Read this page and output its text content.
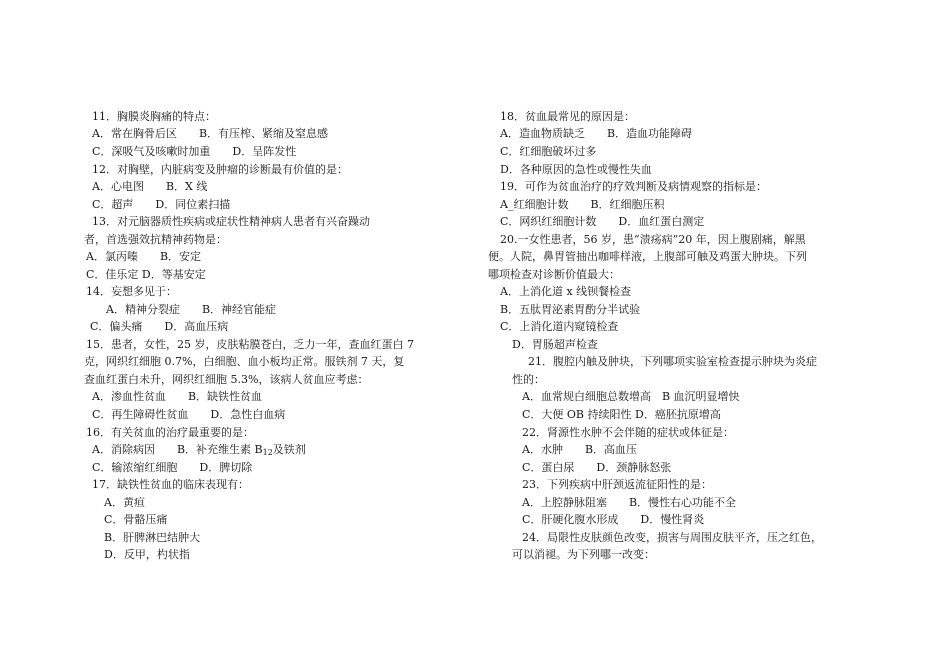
11．胸膜炎胸痛的特点：
A．常在胸骨后区　　B．有压榨、紧缩及窒息感
C．深吸气及咳嗽时加重　　D．呈阵发性
12．对胸壁，内脏病变及肿瘤的诊断最有价值的是：
A．心电图　　B．X 线
C．超声　　D．同位素扫描
13．对元脑器质性疾病或症状性精神病人患者有兴奋躁动
者，首选强效抗精神药物是：
A．氯丙嗪　　B．安定
C．佳乐定 D．等基安定
14．妄想多见于：
A．精神分裂症　　B．神经官能症
C．偏头痛　　D．高血压病
15．患者，女性，25 岁，皮肤粘膜苍白，乏力一年，查血红蛋白 7
克，网织红细胞 0.7%，白细胞、血小板均正常。服铁剂 7 天，复
查血红蛋白未升，网织红细胞 5.3%，该病人贫血应考虑：
A．渗血性贫血　　B．缺铁性贫血
C．再生障碍性贫血　　D．急性白血病
16．有关贫血的治疗最重要的是：
A．消除病因　　B．补充维生素 $B_{12}$及铁剂
C．输浓缩红细胞　　D．脾切除
17．缺铁性贫血的临床表现有：
A．黄疸
C．骨骼压痛
B．肝脾淋巴结肿大
D．反甲，杓状指
18．贫血最常见的原因是：
A．造血物质缺乏　　B．造血功能障碍
C．红细胞破坏过多
D．各种原因的急性或慢性失血
19．可作为贫血治疗的疗效判断及病情观察的指标是：
A_红细胞计数　　B．红细胞压积
C．网织红细胞计数　　D．血红蛋白测定
20.一女性患者，56 岁，患“溃疡病”20 年，因上腹剧痛，解黑
便。人院，鼻胃管抽出咖啡样液，上腹部可触及鸡蛋大肿块。下列
哪项检查对诊断价值最大：
A．上消化道 x 线钡餐检查
B．五肽胃泌素胃酌分半试验
C．上消化道内窥镜检查
D．胃肠超声检查
21．腹腔内触及肿块，下列哪项实验室检查提示肿块为炎症
性的：
A．血常规白细胞总数增高　B 血沉明显增快
C．大便 OB 持续阳性 D．癌胚抗原增高
22．肾源性水肿不会伴随的症状或体征是：
A．水肿　　B．高血压
C．蛋白尿　　D．颈静脉怒张
23．下列疾病中肝颈返流征阳性的是：
A．上腔静脉阻塞　　B．慢性右心功能不全
C．肝硬化腹水形成　　D．慢性肾炎
24．局限性皮肤颜色改变，损害与周围皮肤平齐，压之红色，
可以消褪。为下列哪一改变：
